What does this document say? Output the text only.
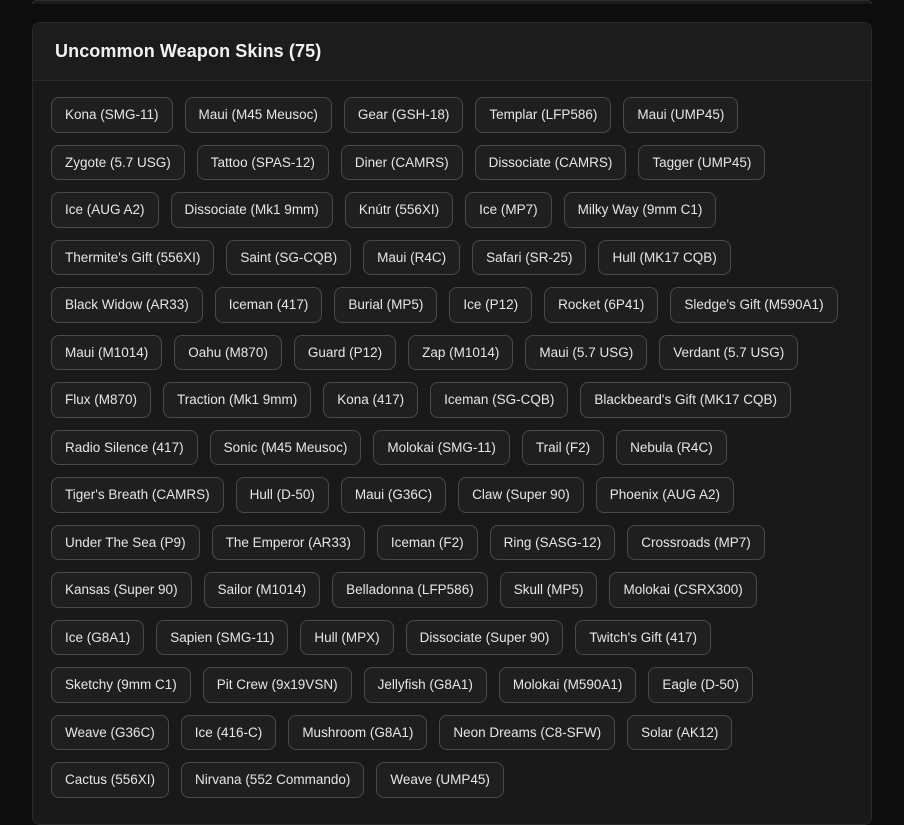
Uncommon Weapon Skins (75)
Kona (SMG-11)	Maui (M45 Meusoc)	Gear (GSH-18)	Templar (LFP586)	Maui (UMP45)
Zygote (5.7 USG)	Tattoo (SPAS-12)	Diner (CAMRS)	Dissociate (CAMRS)	Tagger (UMP45)
Ice (AUG A2)	Dissociate (Mk1 9mm)	Knútr (556XI)	Ice (MP7)	Milky Way (9mm C1)
Thermite's Gift (556XI)	Saint (SG-CQB)	Maui (R4C)	Safari (SR-25)	Hull (MK17 CQB)
Black Widow (AR33)	Iceman (417)	Burial (MP5)	Ice (P12)	Rocket (6P41)	Sledge's Gift (M590A1)
Maui (M1014)	Oahu (M870)	Guard (P12)	Zap (M1014)	Maui (5.7 USG)	Verdant (5.7 USG)
Flux (M870)	Traction (Mk1 9mm)	Kona (417)	Iceman (SG-CQB)	Blackbeard's Gift (MK17 CQB)
Radio Silence (417)	Sonic (M45 Meusoc)	Molokai (SMG-11)	Trail (F2)	Nebula (R4C)
Tiger's Breath (CAMRS)	Hull (D-50)	Maui (G36C)	Claw (Super 90)	Phoenix (AUG A2)
Under The Sea (P9)	The Emperor (AR33)	Iceman (F2)	Ring (SASG-12)	Crossroads (MP7)
Kansas (Super 90)	Sailor (M1014)	Belladonna (LFP586)	Skull (MP5)	Molokai (CSRX300)
Ice (G8A1)	Sapien (SMG-11)	Hull (MPX)	Dissociate (Super 90)	Twitch's Gift (417)
Sketchy (9mm C1)	Pit Crew (9x19VSN)	Jellyfish (G8A1)	Molokai (M590A1)	Eagle (D-50)
Weave (G36C)	Ice (416-C)	Mushroom (G8A1)	Neon Dreams (C8-SFW)	Solar (AK12)
Cactus (556XI)	Nirvana (552 Commando)	Weave (UMP45)
